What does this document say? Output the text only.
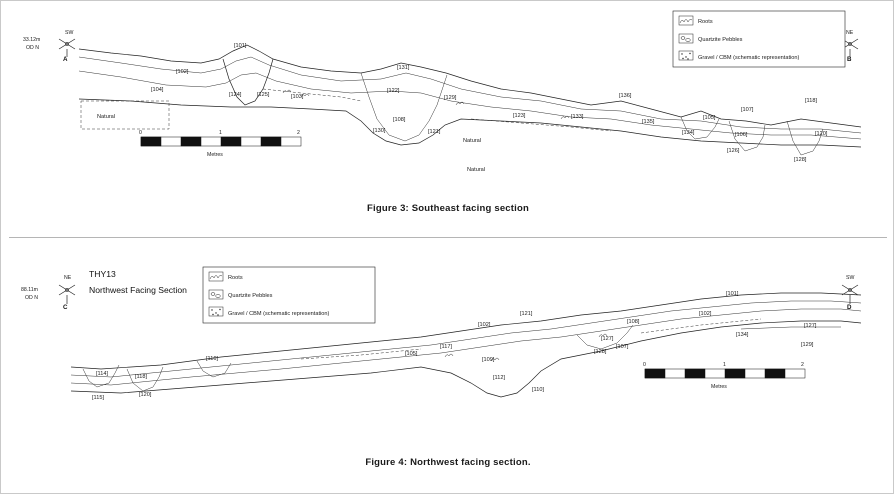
33.12m
OD N
SW
A
NE
B
Roots
Quartzite Pebbles
Gravel / CBM (schematic representation)
Natural
Natural
Natural
[101]
[102]
[104]
[124]	[125]	[103]
[130]
[131]
[121]
[122]
[123]
[129]
[133]
[136]
[135]
[134]
[105]
[106]
[107]
[126]
[120]
[118]
[128]
[108]
0	1	2
Metres
Figure 3: Southeast facing section
THY13
Northwest Facing Section
88.11m
OD N
NE
C
SW
D
Roots
Quartzite Pebbles
Gravel / CBM (schematic representation)
[114]	[118]
[115]	[120]
[116]
[105]
[117]
[109]
[112]
[110]
[102]
[121]
[127]
[108]
[107]
[128]
[101]
[102]
[134]
[127]
[129]
0	1	2
Metres
Figure 4: Northwest facing section.
